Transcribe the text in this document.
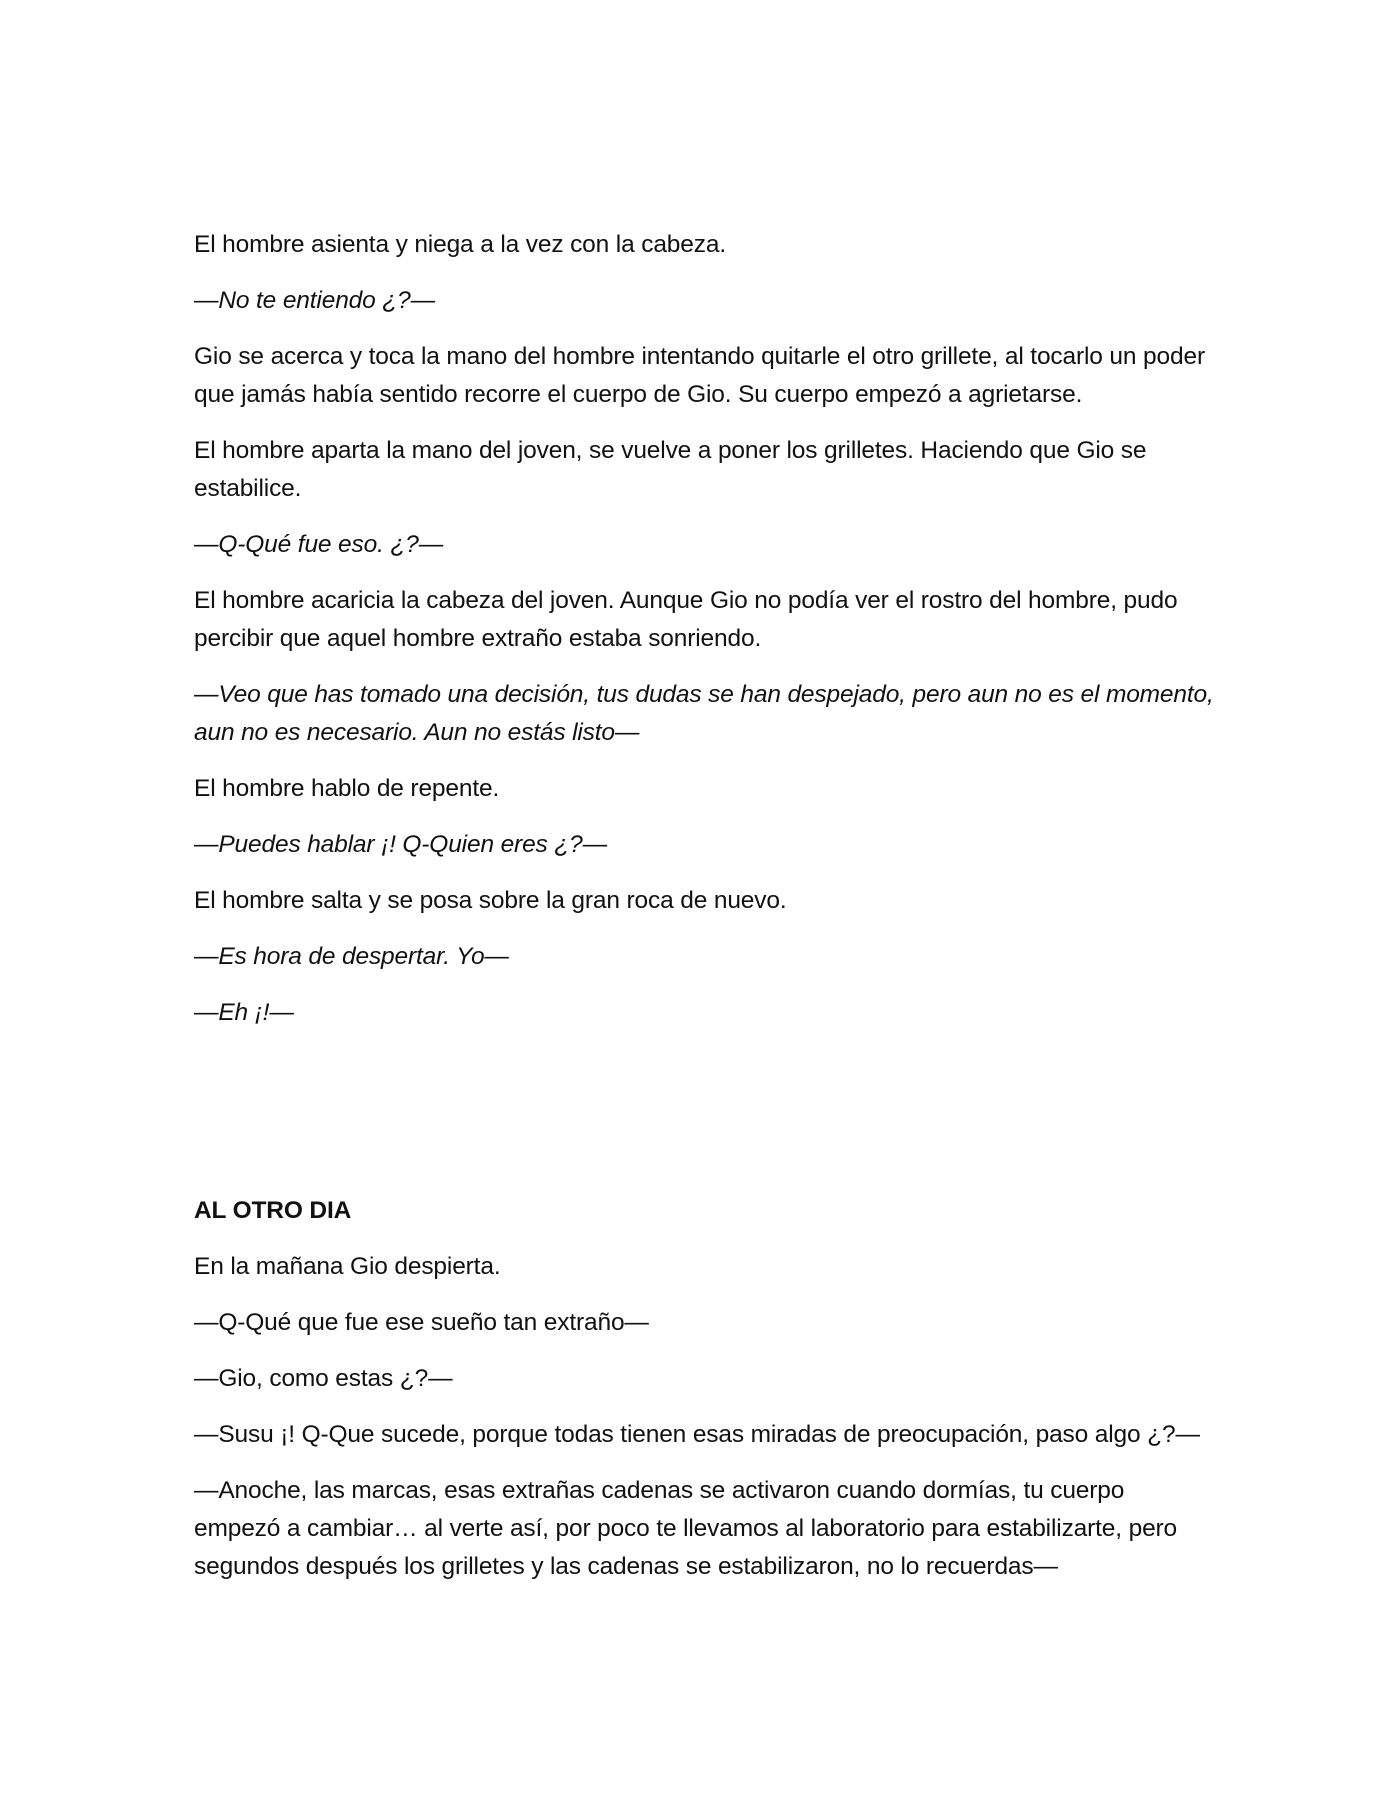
El hombre asienta y niega a la vez con la cabeza.

—No te entiendo ¿?—

Gio se acerca y toca la mano del hombre intentando quitarle el otro grillete, al tocarlo un poder que jamás había sentido recorre el cuerpo de Gio. Su cuerpo empezó a agrietarse.

El hombre aparta la mano del joven, se vuelve a poner los grilletes. Haciendo que Gio se estabilice.

—Q-Qué fue eso. ¿?—

El hombre acaricia la cabeza del joven. Aunque Gio no podía ver el rostro del hombre, pudo percibir que aquel hombre extraño estaba sonriendo.

—Veo que has tomado una decisión, tus dudas se han despejado, pero aun no es el momento, aun no es necesario. Aun no estás listo—

El hombre hablo de repente.

—Puedes hablar ¡! Q-Quien eres ¿?—

El hombre salta y se posa sobre la gran roca de nuevo.

—Es hora de despertar. Yo—

—Eh ¡!—

AL OTRO DIA

En la mañana Gio despierta.

—Q-Qué que fue ese sueño tan extraño—

—Gio, como estas ¿?—

—Susu ¡! Q-Que sucede, porque todas tienen esas miradas de preocupación, paso algo ¿?—

—Anoche, las marcas, esas extrañas cadenas se activaron cuando dormías, tu cuerpo empezó a cambiar… al verte así, por poco te llevamos al laboratorio para estabilizarte, pero segundos después los grilletes y las cadenas se estabilizaron, no lo recuerdas—
